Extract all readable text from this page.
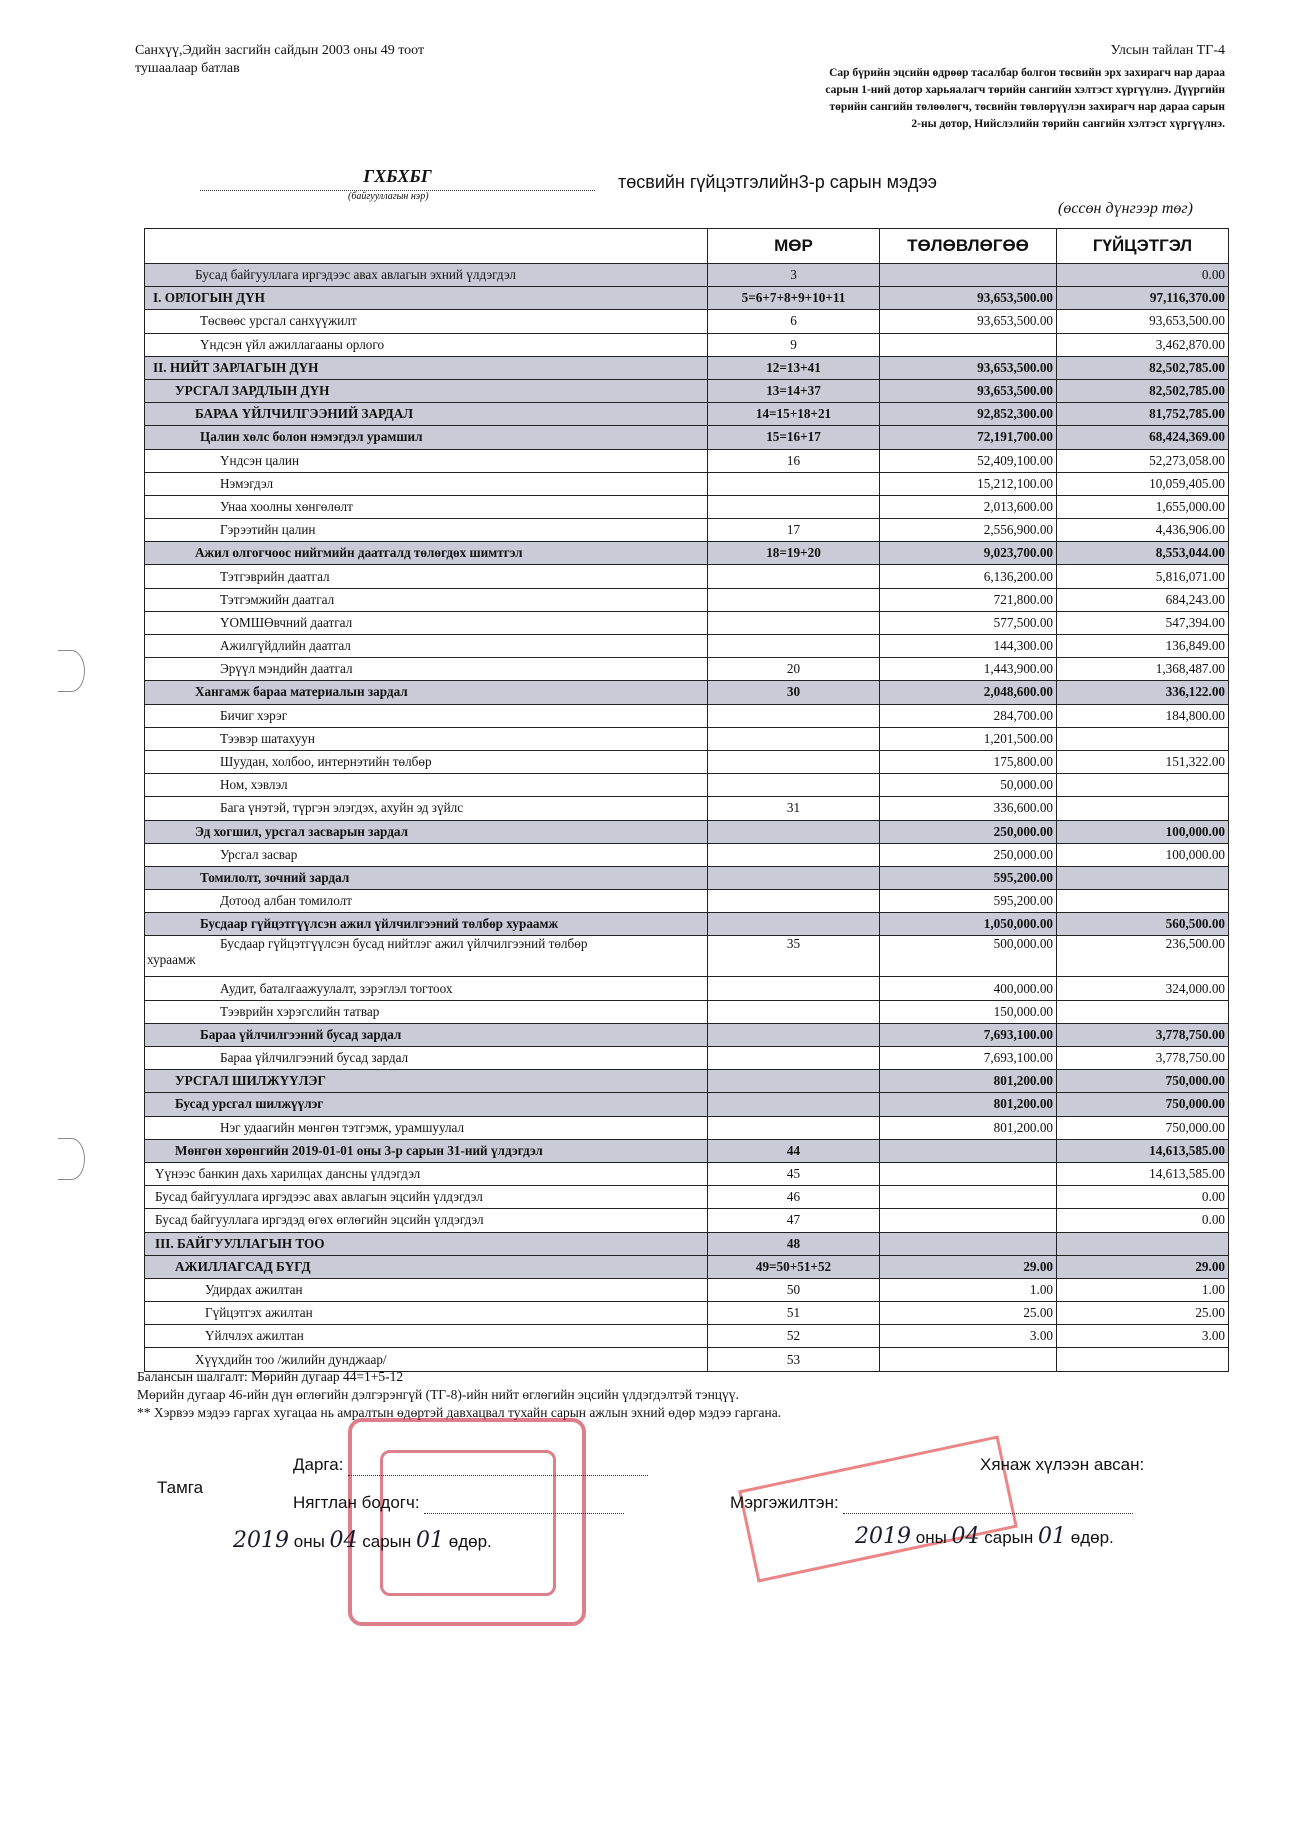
Санхүү,Эдийн засгийн сайдын 2003 оны 49 тоот
тушаалаар батлав
Улсын тайлан ТГ-4
Сар бүрийн эцсийн өдрөөр тасалбар болгон төсвийн эрх захирагч нар дараа
сарын 1-ний дотор харьяалагч төрийн сангийн хэлтэст хүргүүлнэ. Дүүргийн
төрийн сангийн төлөөлөгч, төсвийн төвлөрүүлэн захирагч нар дараа сарын
2-ны дотор, Нийслэлийн төрийн сангийн хэлтэст хүргүүлнэ.
ГХБХБГ
(байгууллагын нэр)
төсвийн гүйцэтгэлийн3-р сарын мэдээ
(өссөн дүнгээр төг)
	МӨР	ТӨЛӨВЛӨГӨӨ	ГҮЙЦЭТГЭЛ
Бусад байгууллага иргэдээс авах авлагын эхний үлдэгдэл	3		0.00
I. ОРЛОГЫН ДҮН	5=6+7+8+9+10+11	93,653,500.00	97,116,370.00
Төсвөөс урсгал санхүүжилт	6	93,653,500.00	93,653,500.00
Үндсэн үйл ажиллагааны орлого	9		3,462,870.00
II. НИЙТ ЗАРЛАГЫН ДҮН	12=13+41	93,653,500.00	82,502,785.00
УРСГАЛ ЗАРДЛЫН ДҮН	13=14+37	93,653,500.00	82,502,785.00
БАРАА ҮЙЛЧИЛГЭЭНИЙ ЗАРДАЛ	14=15+18+21	92,852,300.00	81,752,785.00
Цалин хөлс болон нэмэгдэл урамшил	15=16+17	72,191,700.00	68,424,369.00
Үндсэн цалин	16	52,409,100.00	52,273,058.00
Нэмэгдэл		15,212,100.00	10,059,405.00
Унаа хоолны хөнгөлөлт		2,013,600.00	1,655,000.00
Гэрээтийн цалин	17	2,556,900.00	4,436,906.00
Ажил олгогчоос нийгмийн даатгалд төлөгдөх шимтгэл	18=19+20	9,023,700.00	8,553,044.00
Тэтгэврийн даатгал		6,136,200.00	5,816,071.00
Тэтгэмжийн даатгал		721,800.00	684,243.00
ҮОМШӨвчний даатгал		577,500.00	547,394.00
Ажилгүйдлийн даатгал		144,300.00	136,849.00
Эрүүл мэндийн даатгал	20	1,443,900.00	1,368,487.00
Хангамж бараа материалын зардал	30	2,048,600.00	336,122.00
Бичиг хэрэг		284,700.00	184,800.00
Тээвэр шатахуун		1,201,500.00	
Шуудан, холбоо, интернэтийн төлбөр		175,800.00	151,322.00
Ном, хэвлэл		50,000.00	
Бага үнэтэй, түргэн элэгдэх, ахуйн эд зүйлс	31	336,600.00	
Эд хогшил, урсгал засварын зардал		250,000.00	100,000.00
Урсгал засвар		250,000.00	100,000.00
Томилолт, зочний зардал		595,200.00	
Дотоод албан томилолт		595,200.00	
Бусдаар гүйцэтгүүлсэн ажил үйлчилгээний төлбөр хураамж		1,050,000.00	560,500.00
Бусдаар гүйцэтгүүлсэн бусад нийтлэг ажил үйлчилгээний төлбөр
хураамж	35	500,000.00	236,500.00
Аудит, баталгаажуулалт, зэрэглэл тогтоох		400,000.00	324,000.00
Тээврийн хэрэгслийн татвар		150,000.00	
Бараа үйлчилгээний бусад зардал		7,693,100.00	3,778,750.00
Бараа үйлчилгээний бусад зардал		7,693,100.00	3,778,750.00
УРСГАЛ ШИЛЖҮҮЛЭГ		801,200.00	750,000.00
Бусад урсгал шилжүүлэг		801,200.00	750,000.00
Нэг удаагийн мөнгөн тэтгэмж, урамшуулал		801,200.00	750,000.00
Мөнгөн хөрөнгийн 2019-01-01 оны 3-р сарын 31-ний үлдэгдэл	44		14,613,585.00
Үүнээс банкин дахь харилцах дансны үлдэгдэл	45		14,613,585.00
Бусад байгууллага иргэдээс авах авлагын эцсийн үлдэгдэл	46		0.00
Бусад байгууллага иргэдэд өгөх өглөгийн эцсийн үлдэгдэл	47		0.00
III. БАЙГУУЛЛАГЫН ТОО	48		
АЖИЛЛАГСАД БҮГД	49=50+51+52	29.00	29.00
Удирдах ажилтан	50	1.00	1.00
Гүйцэтгэх ажилтан	51	25.00	25.00
Үйлчлэх ажилтан	52	3.00	3.00
Хүүхдийн тоо /жилийн дунджаар/	53		
Балансын шалгалт: Мөрийн дугаар 44=1+5-12
Мөрийн дугаар 46-ийн дүн өглөгийн дэлгэрэнгүй (ТГ-8)-ийн нийт өглөгийн эцсийн үлдэгдэлтэй тэнцүү.
** Хэрвээ мэдээ гаргах хугацаа нь амралтын өдөртэй давхацвал тухайн сарын ажлын эхний өдөр мэдээ гаргана.
Тамга
Дарга:
Нягтлан бодогч:
2019 оны 04 сарын 01 өдөр.
Хянаж хүлээн авсан:
Мэргэжилтэн:
2019 оны 04 сарын 01 өдөр.
